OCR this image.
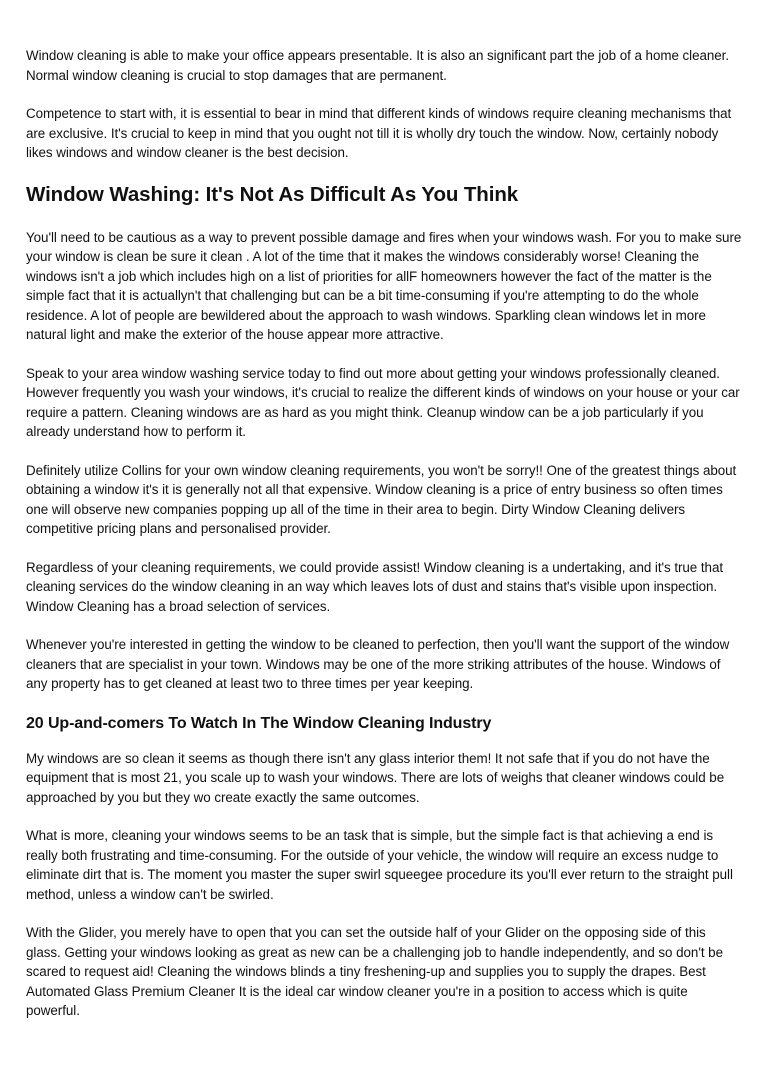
Window cleaning is able to make your office appears presentable. It is also an significant part the job of a home cleaner. Normal window cleaning is crucial to stop damages that are permanent.

Competence to start with, it is essential to bear in mind that different kinds of windows require cleaning mechanisms that are exclusive. It's crucial to keep in mind that you ought not till it is wholly dry touch the window. Now, certainly nobody likes windows and window cleaner is the best decision.

Window Washing: It's Not As Difficult As You Think

You'll need to be cautious as a way to prevent possible damage and fires when your windows wash. For you to make sure your window is clean be sure it clean . A lot of the time that it makes the windows considerably worse! Cleaning the windows isn't a job which includes high on a list of priorities for allF homeowners however the fact of the matter is the simple fact that it is actuallyn't that challenging but can be a bit time-consuming if you're attempting to do the whole residence. A lot of people are bewildered about the approach to wash windows. Sparkling clean windows let in more natural light and make the exterior of the house appear more attractive.

Speak to your area window washing service today to find out more about getting your windows professionally cleaned. However frequently you wash your windows, it's crucial to realize the different kinds of windows on your house or your car require a pattern. Cleaning windows are as hard as you might think. Cleanup window can be a job particularly if you already understand how to perform it.

Definitely utilize Collins for your own window cleaning requirements, you won't be sorry!! One of the greatest things about obtaining a window it's it is generally not all that expensive. Window cleaning is a price of entry business so often times one will observe new companies popping up all of the time in their area to begin. Dirty Window Cleaning delivers competitive pricing plans and personalised provider.

Regardless of your cleaning requirements, we could provide assist! Window cleaning is a undertaking, and it's true that cleaning services do the window cleaning in an way which leaves lots of dust and stains that's visible upon inspection. Window Cleaning has a broad selection of services.

Whenever you're interested in getting the window to be cleaned to perfection, then you'll want the support of the window cleaners that are specialist in your town. Windows may be one of the more striking attributes of the house. Windows of any property has to get cleaned at least two to three times per year keeping.

20 Up-and-comers To Watch In The Window Cleaning Industry

My windows are so clean it seems as though there isn't any glass interior them! It not safe that if you do not have the equipment that is most 21, you scale up to wash your windows. There are lots of weighs that cleaner windows could be approached by you but they wo create exactly the same outcomes.

What is more, cleaning your windows seems to be an task that is simple, but the simple fact is that achieving a end is really both frustrating and time-consuming. For the outside of your vehicle, the window will require an excess nudge to eliminate dirt that is. The moment you master the super swirl squeegee procedure its you'll ever return to the straight pull method, unless a window can't be swirled.

With the Glider, you merely have to open that you can set the outside half of your Glider on the opposing side of this glass. Getting your windows looking as great as new can be a challenging job to handle independently, and so don't be scared to request aid! Cleaning the windows blinds a tiny freshening-up and supplies you to supply the drapes. Best Automated Glass Premium Cleaner It is the ideal car window cleaner you're in a position to access which is quite powerful.
